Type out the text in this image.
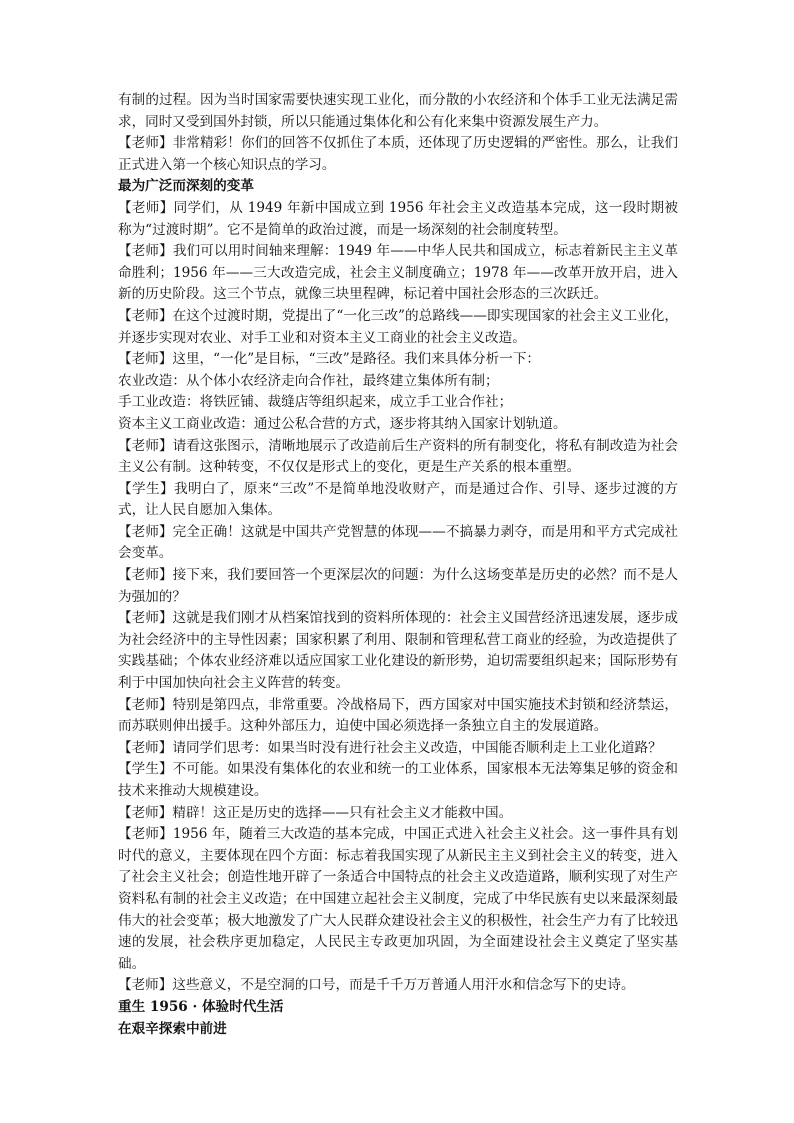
有制的过程。因为当时国家需要快速实现工业化，而分散的小农经济和个体手工业无法满足需求，同时又受到国外封锁，所以只能通过集体化和公有化来集中资源发展生产力。

【老师】非常精彩！你们的回答不仅抓住了本质，还体现了历史逻辑的严密性。那么，让我们正式进入第一个核心知识点的学习。

最为广泛而深刻的变革

【老师】同学们，从 1949 年新中国成立到 1956 年社会主义改造基本完成，这一段时期被称为“过渡时期”。它不是简单的政治过渡，而是一场深刻的社会制度转型。

【老师】我们可以用时间轴来理解：1949 年——中华人民共和国成立，标志着新民主主义革命胜利；1956 年——三大改造完成，社会主义制度确立；1978 年——改革开放开启，进入新的历史阶段。这三个节点，就像三块里程碑，标记着中国社会形态的三次跃迁。

【老师】在这个过渡时期，党提出了“一化三改”的总路线——即实现国家的社会主义工业化，并逐步实现对农业、对手工业和对资本主义工商业的社会主义改造。

【老师】这里，“一化”是目标，“三改”是路径。我们来具体分析一下：

农业改造：从个体小农经济走向合作社，最终建立集体所有制；

手工业改造：将铁匠铺、裁缝店等组织起来，成立手工业合作社；

资本主义工商业改造：通过公私合营的方式，逐步将其纳入国家计划轨道。

【老师】请看这张图示，清晰地展示了改造前后生产资料的所有制变化，将私有制改造为社会主义公有制。这种转变，不仅仅是形式上的变化，更是生产关系的根本重塑。

【学生】我明白了，原来“三改”不是简单地没收财产，而是通过合作、引导、逐步过渡的方式，让人民自愿加入集体。

【老师】完全正确！这就是中国共产党智慧的体现——不搞暴力剥夺，而是用和平方式完成社会变革。

【老师】接下来，我们要回答一个更深层次的问题：为什么这场变革是历史的必然？而不是人为强加的？

【老师】这就是我们刚才从档案馆找到的资料所体现的：社会主义国营经济迅速发展，逐步成为社会经济中的主导性因素；国家积累了利用、限制和管理私营工商业的经验，为改造提供了实践基础；个体农业经济难以适应国家工业化建设的新形势，迫切需要组织起来；国际形势有利于中国加快向社会主义阵营的转变。

【老师】特别是第四点，非常重要。冷战格局下，西方国家对中国实施技术封锁和经济禁运，而苏联则伸出援手。这种外部压力，迫使中国必须选择一条独立自主的发展道路。

【老师】请同学们思考：如果当时没有进行社会主义改造，中国能否顺利走上工业化道路？

【学生】不可能。如果没有集体化的农业和统一的工业体系，国家根本无法筹集足够的资金和技术来推动大规模建设。

【老师】精辟！这正是历史的选择——只有社会主义才能救中国。

【老师】1956 年，随着三大改造的基本完成，中国正式进入社会主义社会。这一事件具有划时代的意义，主要体现在四个方面：标志着我国实现了从新民主主义到社会主义的转变，进入了社会主义社会；创造性地开辟了一条适合中国特点的社会主义改造道路，顺利实现了对生产资料私有制的社会主义改造；在中国建立起社会主义制度，完成了中华民族有史以来最深刻最伟大的社会变革；极大地激发了广大人民群众建设社会主义的积极性，社会生产力有了比较迅速的发展，社会秩序更加稳定，人民民主专政更加巩固，为全面建设社会主义奠定了坚实基础。

【老师】这些意义，不是空洞的口号，而是千千万万普通人用汗水和信念写下的史诗。

重生 1956 · 体验时代生活
在艰辛探索中前进
